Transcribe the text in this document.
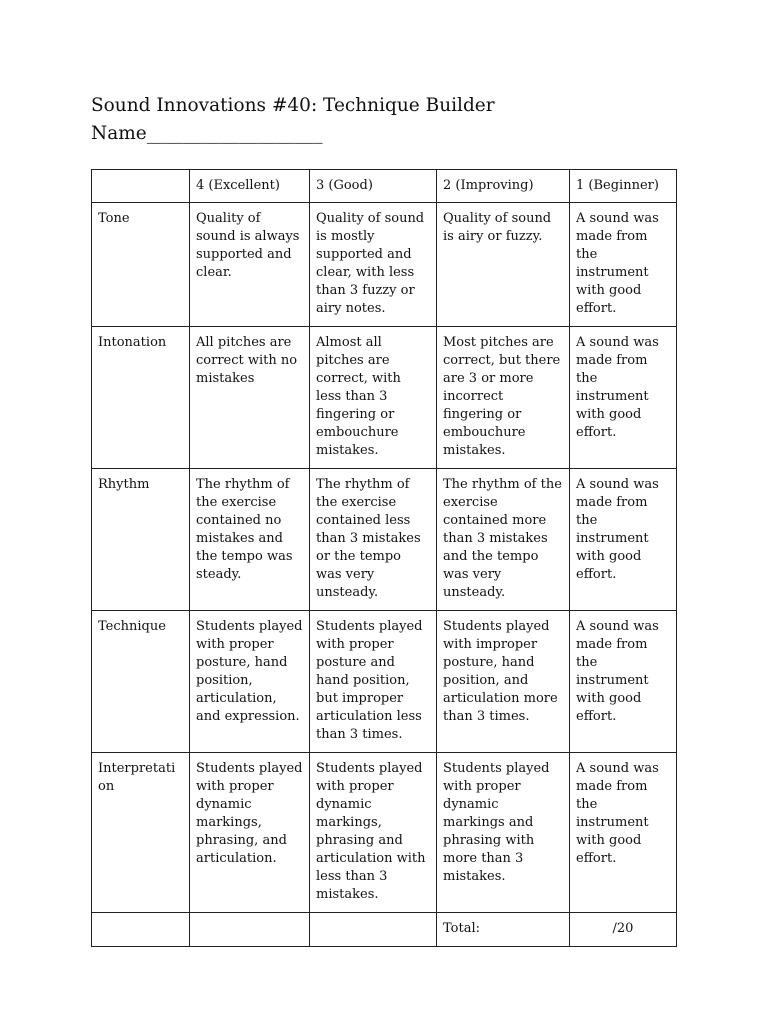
Sound Innovations #40: Technique Builder
Name___________________
	4 (Excellent)	3 (Good)	2 (Improving)	1 (Beginner)
Tone	Quality of sound is always supported and clear.	Quality of sound is mostly supported and clear, with less than 3 fuzzy or airy notes.	Quality of sound is airy or fuzzy.	A sound was made from the instrument with good effort.
Intonation	All pitches are correct with no mistakes	Almost all pitches are correct, with less than 3 fingering or embouchure mistakes.	Most pitches are correct, but there are 3 or more incorrect fingering or embouchure mistakes.	A sound was made from the instrument with good effort.
Rhythm	The rhythm of the exercise contained no mistakes and the tempo was steady.	The rhythm of the exercise contained less than 3 mistakes or the tempo was very unsteady.	The rhythm of the exercise contained more than 3 mistakes and the tempo was very unsteady.	A sound was made from the instrument with good effort.
Technique	Students played with proper posture, hand position, articulation, and expression.	Students played with proper posture and hand position, but improper articulation less than 3 times.	Students played with improper posture, hand position, and articulation more than 3 times.	A sound was made from the instrument with good effort.
Interpretation	Students played with proper dynamic markings, phrasing, and articulation.	Students played with proper dynamic markings, phrasing and articulation with less than 3 mistakes.	Students played with proper dynamic markings and phrasing with more than 3 mistakes.	A sound was made from the instrument with good effort.
			Total:	/20
